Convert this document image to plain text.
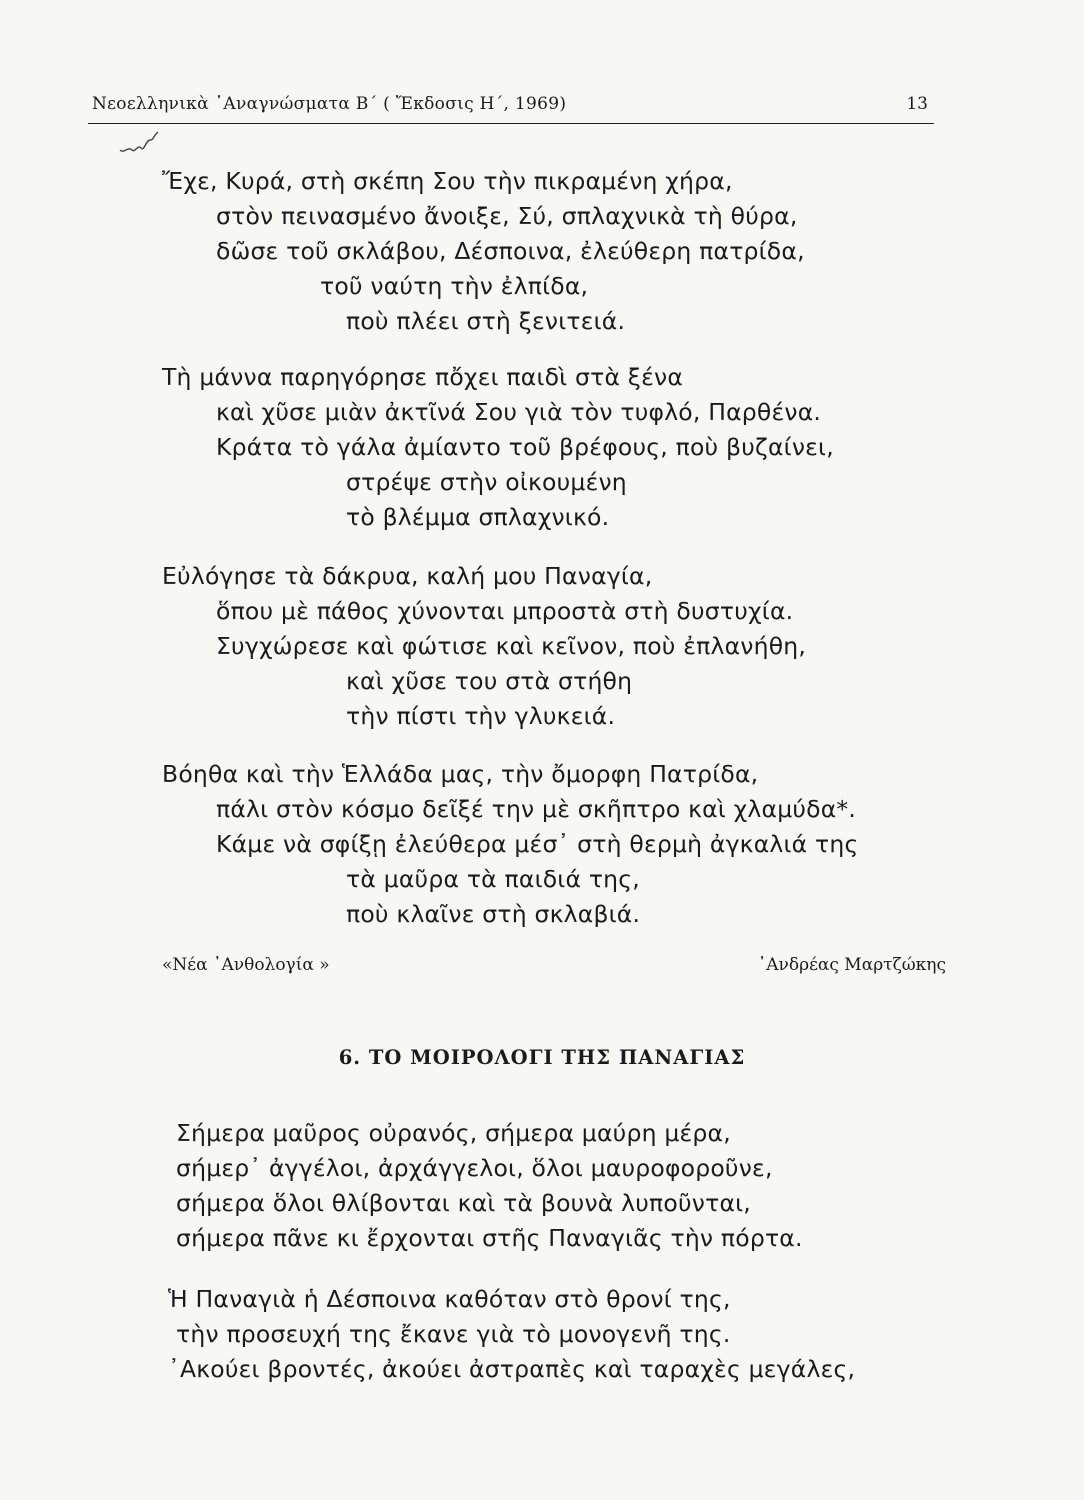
Νεοελληνικὰ ᾿Αναγνώσματα Β΄ ( Ἔκδοσις Η΄, 1969)	13
Ἔχε, Κυρά, στὴ σκέπη Σου τὴν πικραμένη χήρα,
στὸν πεινασμένο ἄνοιξε, Σύ, σπλαχνικὰ τὴ θύρα,
δῶσε τοῦ σκλάβου, Δέσποινα, ἐλεύθερη πατρίδα,
τοῦ ναύτη τὴν ἐλπίδα,
ποὺ πλέει στὴ ξενιτειά.
Τὴ μάννα παρηγόρησε πὄχει παιδὶ στὰ ξένα
καὶ χῦσε μιὰν ἀκτῖνά Σου γιὰ τὸν τυφλό, Παρθένα.
Κράτα τὸ γάλα ἀμίαντο τοῦ βρέφους, ποὺ βυζαίνει,
στρέψε στὴν οἰκουμένη
τὸ βλέμμα σπλαχνικό.
Εὐλόγησε τὰ δάκρυα, καλή μου Παναγία,
ὅπου μὲ πάθος χύνονται μπροστὰ στὴ δυστυχία.
Συγχώρεσε καὶ φώτισε καὶ κεῖνον, ποὺ ἐπλανήθη,
καὶ χῦσε του στὰ στήθη
τὴν πίστι τὴν γλυκειά.
Βόηθα καὶ τὴν Ἑλλάδα μας, τὴν ὄμορφη Πατρίδα,
πάλι στὸν κόσμο δεῖξέ την μὲ σκῆπτρο καὶ χλαμύδα*.
Κάμε νὰ σφίξῃ ἐλεύθερα μέσ᾿ στὴ θερμὴ ἀγκαλιά της
τὰ μαῦρα τὰ παιδιά της,
ποὺ κλαῖνε στὴ σκλαβιά.
«Νέα ᾿Ανθολογία »	᾿Ανδρέας Μαρτζώκης
6. ΤΟ ΜΟΙΡΟΛΟΓΙ ΤΗΣ ΠΑΝΑΓΙΑΣ
Σήμερα μαῦρος οὐρανός, σήμερα μαύρη μέρα,
σήμερ᾿ ἀγγέλοι, ἀρχάγγελοι, ὅλοι μαυροφοροῦνε,
σήμερα ὅλοι θλίβονται καὶ τὰ βουνὰ λυποῦνται,
σήμερα πᾶνε κι ἔρχονται στῆς Παναγιᾶς τὴν πόρτα.
Ἡ Παναγιὰ ἡ Δέσποινα καθόταν στὸ θρονί της,
τὴν προσευχή της ἔκανε γιὰ τὸ μονογενῆ της.
᾿Ακούει βροντές, ἀκούει ἀστραπὲς καὶ ταραχὲς μεγάλες,
